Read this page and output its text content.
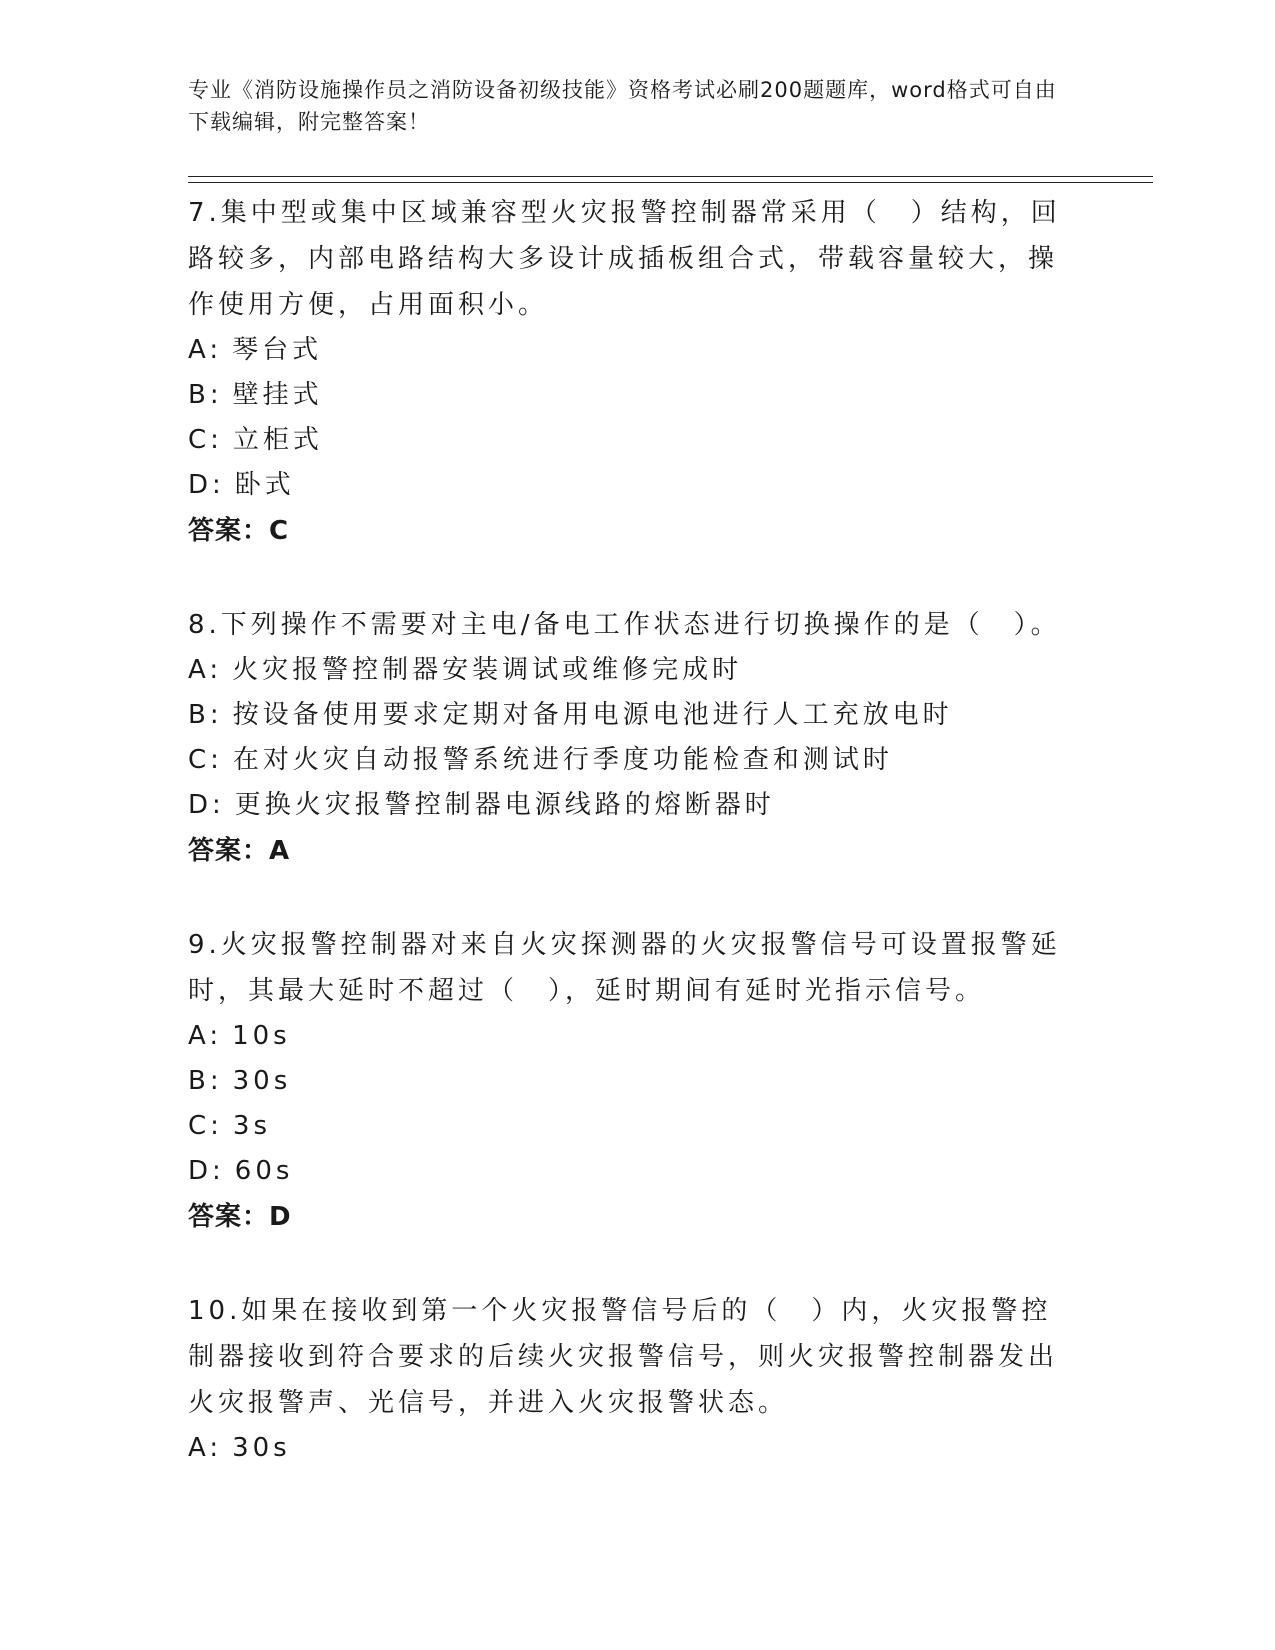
专业《消防设施操作员之消防设备初级技能》资格考试必刷200题题库，word格式可自由下载编辑，附完整答案！
7.集中型或集中区域兼容型火灾报警控制器常采用（　）结构，回路较多，内部电路结构大多设计成插板组合式，带载容量较大，操作使用方便，占用面积小。
A: 琴台式
B: 壁挂式
C: 立柜式
D: 卧式
答案：C
8.下列操作不需要对主电/备电工作状态进行切换操作的是（　）。
A: 火灾报警控制器安装调试或维修完成时
B: 按设备使用要求定期对备用电源电池进行人工充放电时
C: 在对火灾自动报警系统进行季度功能检查和测试时
D: 更换火灾报警控制器电源线路的熔断器时
答案：A
9.火灾报警控制器对来自火灾探测器的火灾报警信号可设置报警延时，其最大延时不超过（　），延时期间有延时光指示信号。
A: 10s
B: 30s
C: 3s
D: 60s
答案：D
10.如果在接收到第一个火灾报警信号后的（　）内，火灾报警控制器接收到符合要求的后续火灾报警信号，则火灾报警控制器发出火灾报警声、光信号，并进入火灾报警状态。
A: 30s
